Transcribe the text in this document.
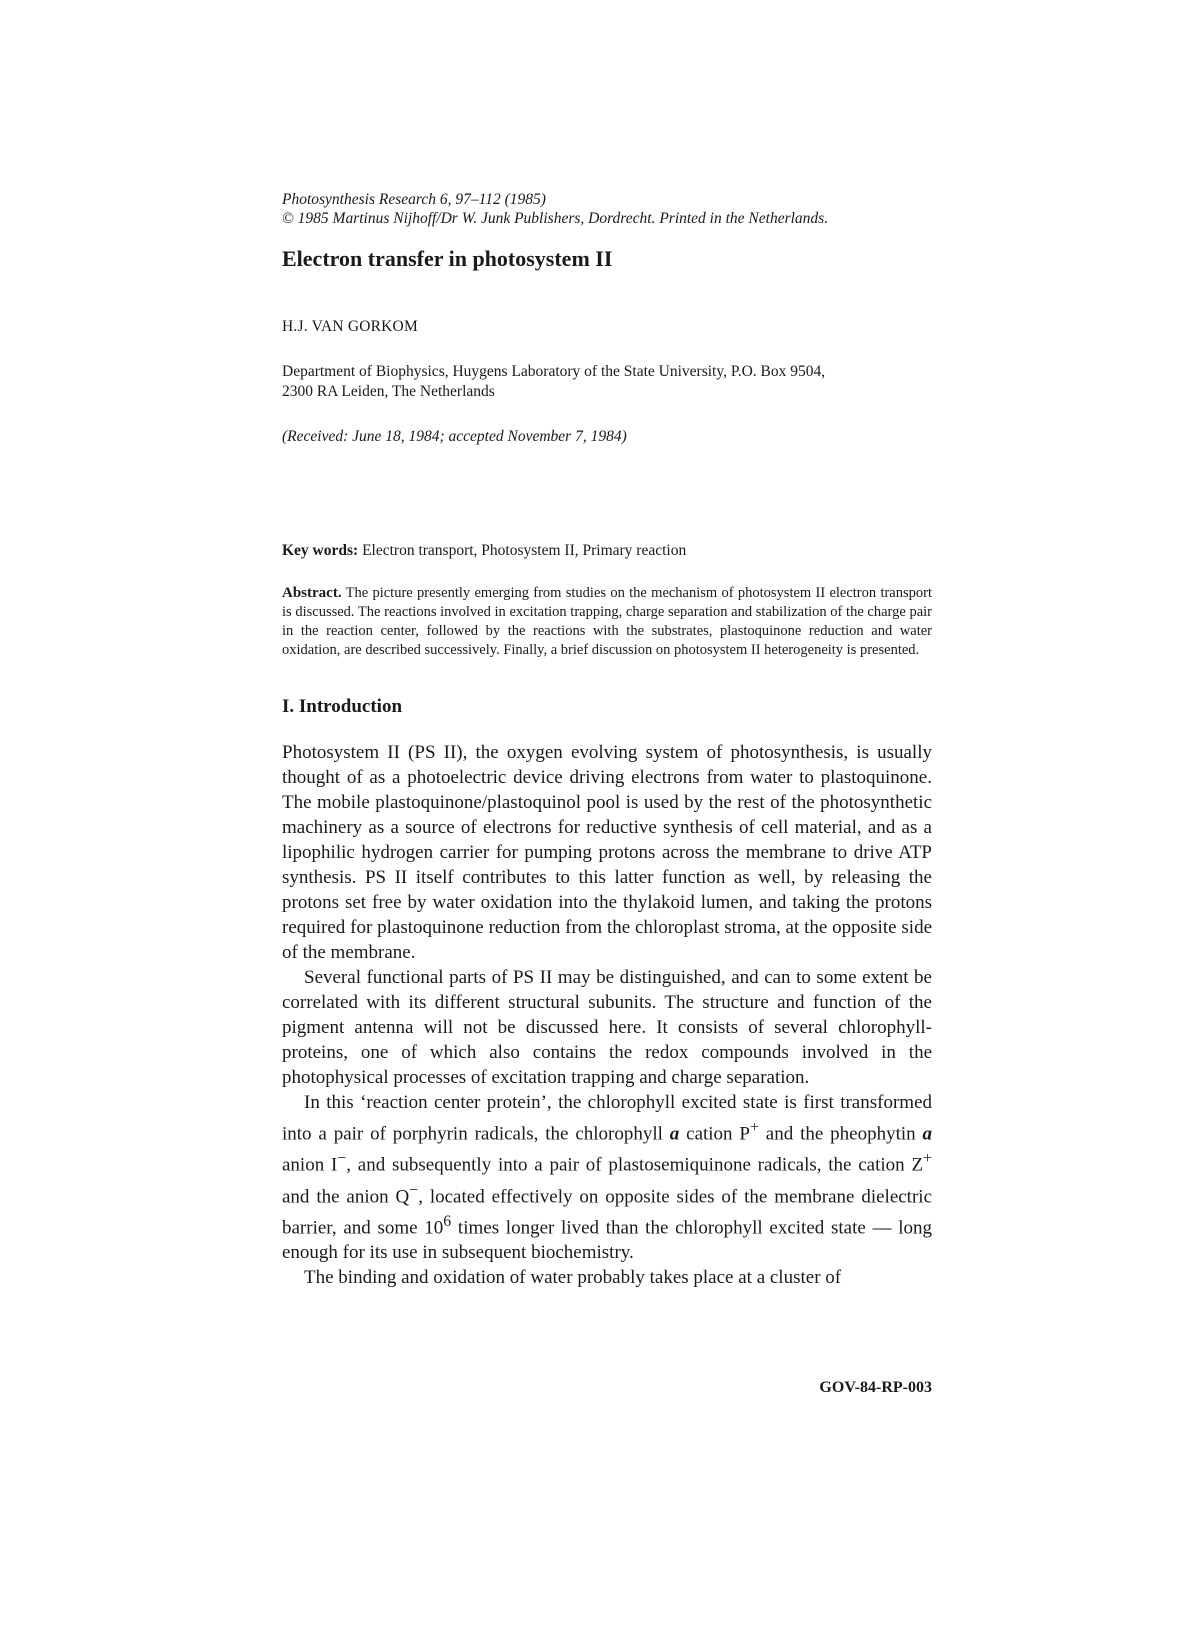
Photosynthesis Research 6, 97–112 (1985)

© 1985 Martinus Nijhoff/Dr W. Junk Publishers, Dordrecht. Printed in the Netherlands.

Electron transfer in photosystem II

H.J. VAN GORKOM

Department of Biophysics, Huygens Laboratory of the State University, P.O. Box 9504,
2300 RA Leiden, The Netherlands

(Received: June 18, 1984; accepted November 7, 1984)

Key words: Electron transport, Photosystem II, Primary reaction

Abstract. The picture presently emerging from studies on the mechanism of photosystem II electron transport is discussed. The reactions involved in excitation trapping, charge separation and stabilization of the charge pair in the reaction center, followed by the reactions with the substrates, plastoquinone reduction and water oxidation, are described successively. Finally, a brief discussion on photosystem II heterogeneity is presented.

I. Introduction

Photosystem II (PS II), the oxygen evolving system of photosynthesis, is usually thought of as a photoelectric device driving electrons from water to plastoquinone. The mobile plastoquinone/plastoquinol pool is used by the rest of the photosynthetic machinery as a source of electrons for reductive synthesis of cell material, and as a lipophilic hydrogen carrier for pumping protons across the membrane to drive ATP synthesis. PS II itself contributes to this latter function as well, by releasing the protons set free by water oxidation into the thylakoid lumen, and taking the protons required for plastoquinone reduction from the chloroplast stroma, at the opposite side of the membrane.

Several functional parts of PS II may be distinguished, and can to some extent be correlated with its different structural subunits. The structure and function of the pigment antenna will not be discussed here. It consists of several chlorophyll-proteins, one of which also contains the redox compounds involved in the photophysical processes of excitation trapping and charge separation.

In this ‘reaction center protein’, the chlorophyll excited state is first transformed into a pair of porphyrin radicals, the chlorophyll a cation P+ and the pheophytin a anion I−, and subsequently into a pair of plastosemiquinone radicals, the cation Z+ and the anion Q−, located effectively on opposite sides of the membrane dielectric barrier, and some $10^6$ times longer lived than the chlorophyll excited state — long enough for its use in subsequent biochemistry.

The binding and oxidation of water probably takes place at a cluster of

GOV-84-RP-003
